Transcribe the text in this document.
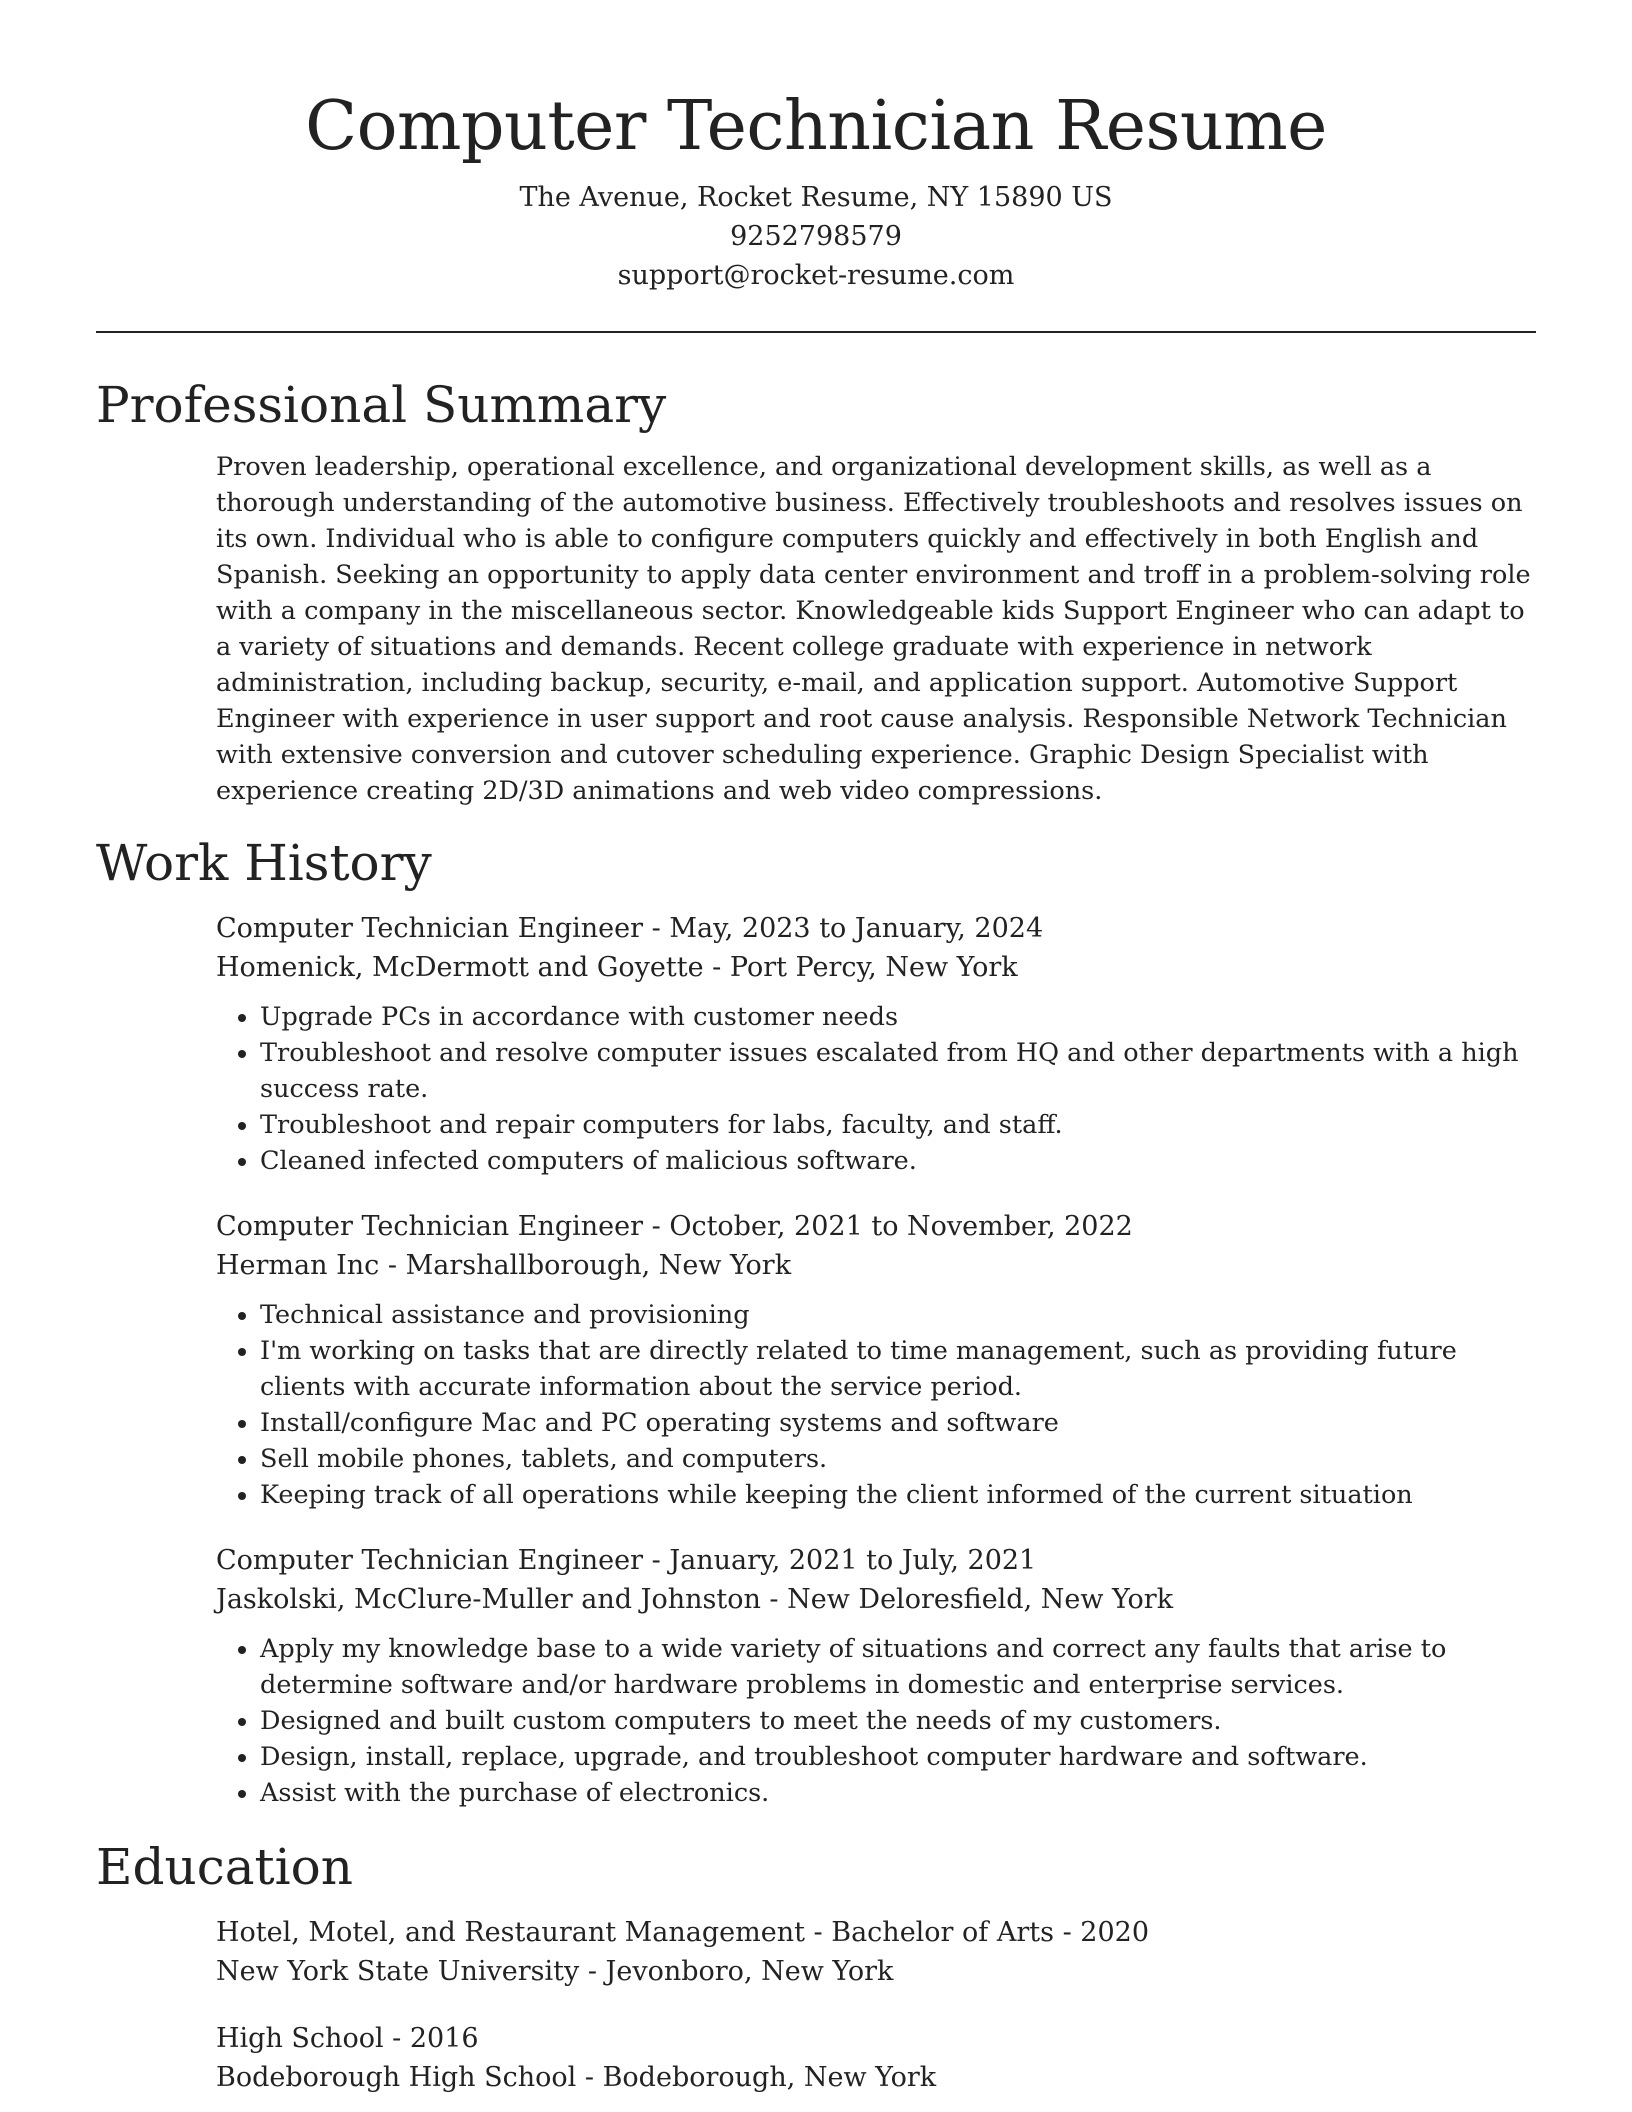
Computer Technician Resume
The Avenue, Rocket Resume, NY 15890 US
9252798579
support@rocket-resume.com
Professional Summary
Proven leadership, operational excellence, and organizational development skills, as well as a thorough understanding of the automotive business. Effectively troubleshoots and resolves issues on its own. Individual who is able to configure computers quickly and effectively in both English and Spanish. Seeking an opportunity to apply data center environment and troff in a problem-solving role with a company in the miscellaneous sector. Knowledgeable kids Support Engineer who can adapt to a variety of situations and demands. Recent college graduate with experience in network administration, including backup, security, e-mail, and application support. Automotive Support Engineer with experience in user support and root cause analysis. Responsible Network Technician with extensive conversion and cutover scheduling experience. Graphic Design Specialist with experience creating 2D/3D animations and web video compressions.
Work History
Computer Technician Engineer - May, 2023 to January, 2024
Homenick, McDermott and Goyette - Port Percy, New York
• Upgrade PCs in accordance with customer needs
• Troubleshoot and resolve computer issues escalated from HQ and other departments with a high success rate.
• Troubleshoot and repair computers for labs, faculty, and staff.
• Cleaned infected computers of malicious software.
Computer Technician Engineer - October, 2021 to November, 2022
Herman Inc - Marshallborough, New York
• Technical assistance and provisioning
• I'm working on tasks that are directly related to time management, such as providing future clients with accurate information about the service period.
• Install/configure Mac and PC operating systems and software
• Sell mobile phones, tablets, and computers.
• Keeping track of all operations while keeping the client informed of the current situation
Computer Technician Engineer - January, 2021 to July, 2021
Jaskolski, McClure-Muller and Johnston - New Deloresfield, New York
• Apply my knowledge base to a wide variety of situations and correct any faults that arise to determine software and/or hardware problems in domestic and enterprise services.
• Designed and built custom computers to meet the needs of my customers.
• Design, install, replace, upgrade, and troubleshoot computer hardware and software.
• Assist with the purchase of electronics.
Education
Hotel, Motel, and Restaurant Management - Bachelor of Arts - 2020
New York State University - Jevonboro, New York
High School - 2016
Bodeborough High School - Bodeborough, New York
